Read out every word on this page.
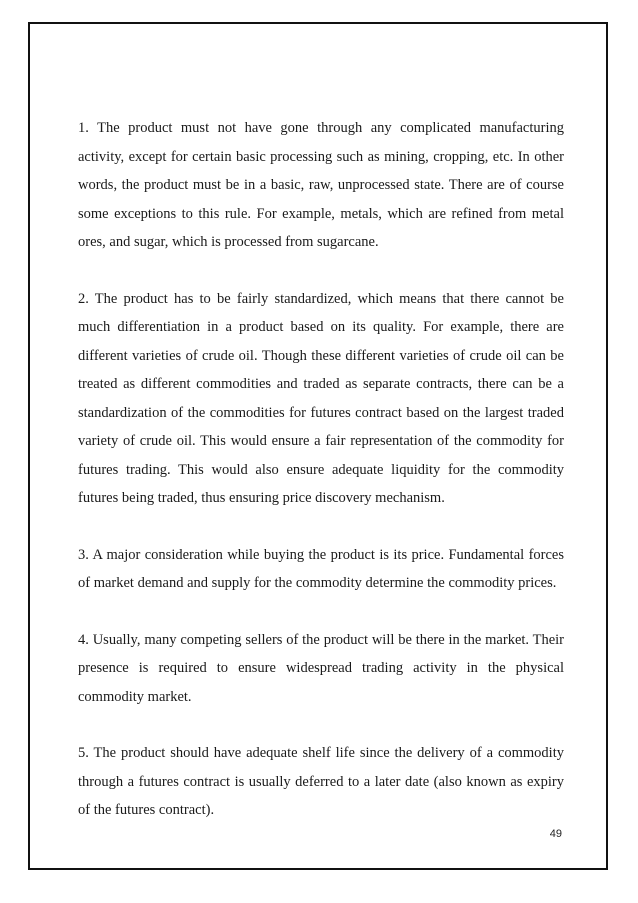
1. The product must not have gone through any complicated manufacturing activity, except for certain basic processing such as mining, cropping, etc. In other words, the product must be in a basic, raw, unprocessed state. There are of course some exceptions to this rule. For example, metals, which are refined from metal ores, and sugar, which is processed from sugarcane.

2. The product has to be fairly standardized, which means that there cannot be much differentiation in a product based on its quality. For example, there are different varieties of crude oil. Though these different varieties of crude oil can be treated as different commodities and traded as separate contracts, there can be a standardization of the commodities for futures contract based on the largest traded variety of crude oil. This would ensure a fair representation of the commodity for futures trading. This would also ensure adequate liquidity for the commodity futures being traded, thus ensuring price discovery mechanism.

3. A major consideration while buying the product is its price. Fundamental forces of market demand and supply for the commodity determine the commodity prices.

4. Usually, many competing sellers of the product will be there in the market. Their presence is required to ensure widespread trading activity in the physical commodity market.

5. The product should have adequate shelf life since the delivery of a commodity through a futures contract is usually deferred to a later date (also known as expiry of the futures contract).

49
